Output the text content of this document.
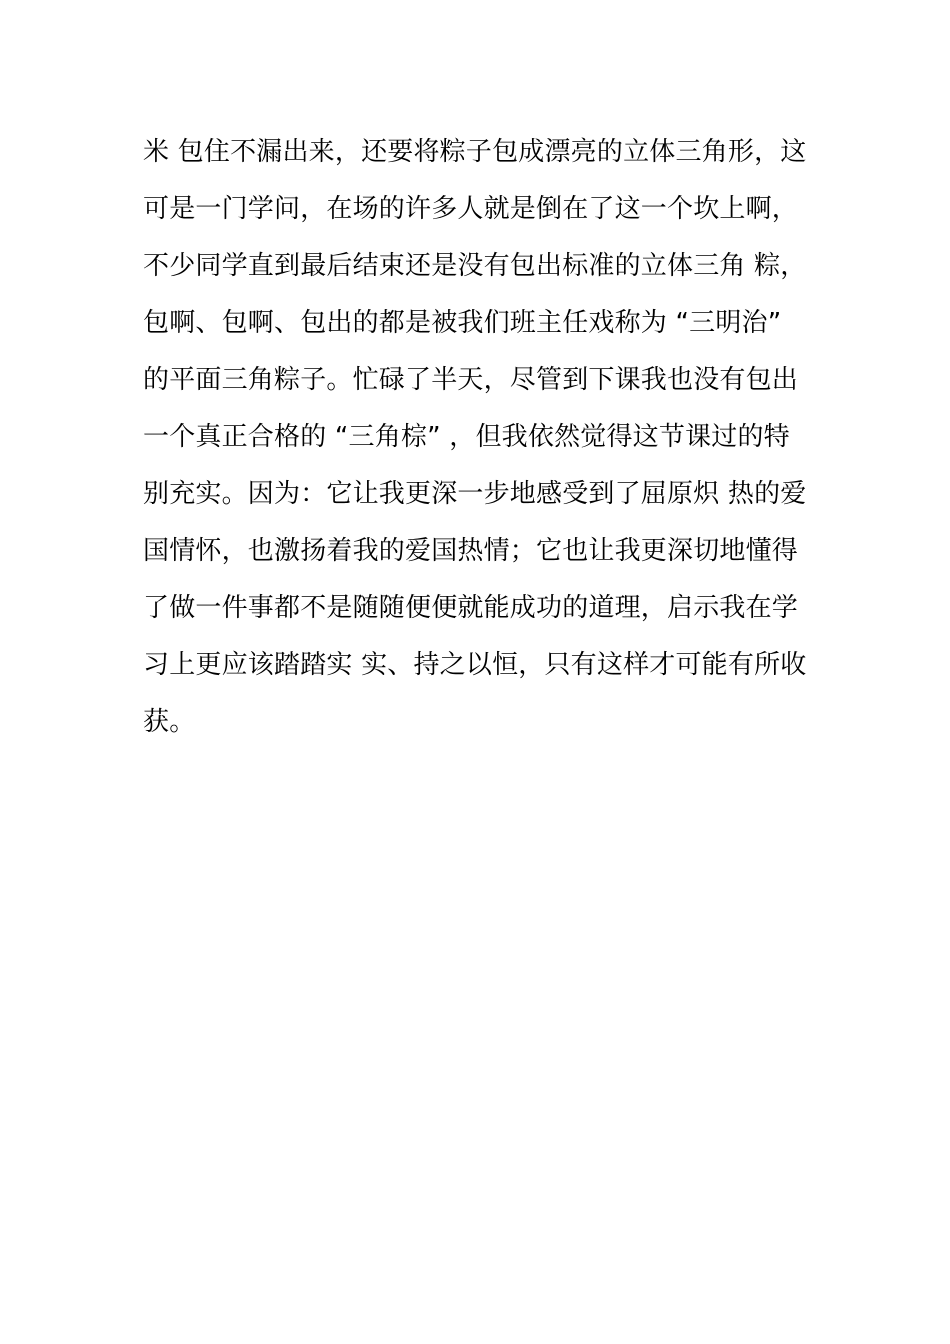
米 包住不漏出来，还要将粽子包成漂亮的立体三角形，这
可是一门学问，在场的许多人就是倒在了这一个坎上啊，
不少同学直到最后结束还是没有包出标准的立体三角 粽，
包啊、包啊、包出的都是被我们班主任戏称为 “三明治”
的平面三角粽子。忙碌了半天，尽管到下课我也没有包出
一个真正合格的 “三角棕” ，但我依然觉得这节课过的特
别充实。因为：它让我更深一步地感受到了屈原炽 热的爱
国情怀，也激扬着我的爱国热情；它也让我更深切地懂得
了做一件事都不是随随便便就能成功的道理，启示我在学
习上更应该踏踏实 实、持之以恒，只有这样才可能有所收
获。
